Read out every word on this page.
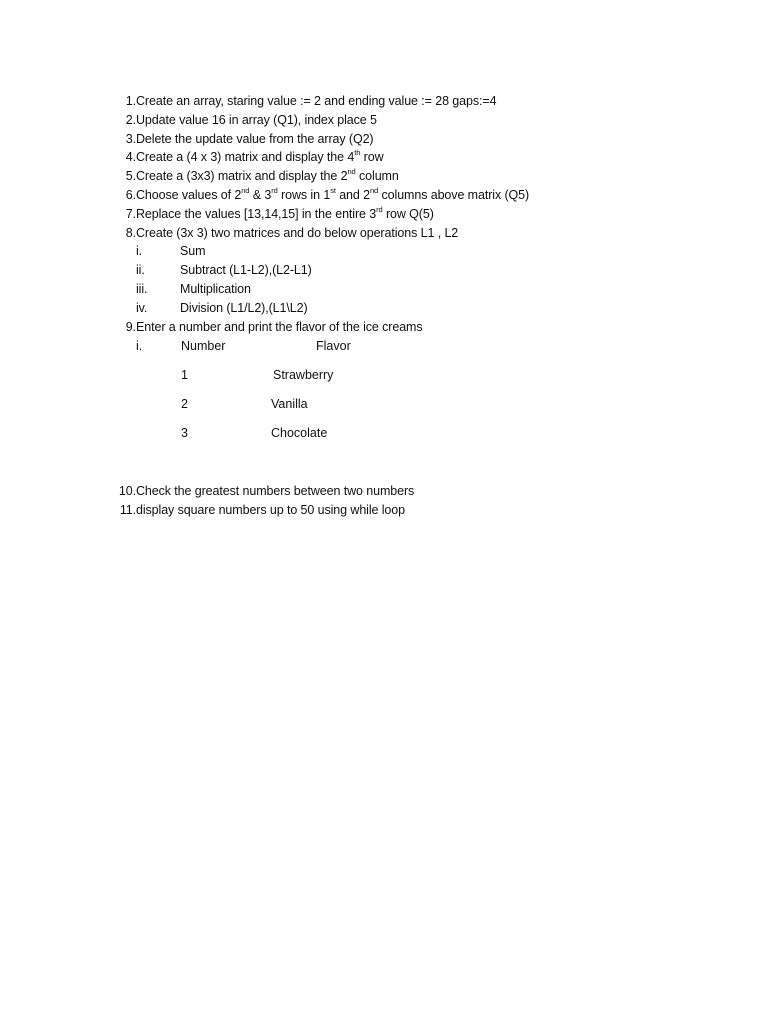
1. Create an array, staring value := 2 and ending value := 28 gaps:=4
2. Update value 16 in array (Q1), index place 5
3. Delete the update value from the array (Q2)
4. Create a (4 x 3) matrix and display the 4th row
5. Create a (3x3) matrix and display the 2nd column
6. Choose values of 2nd & 3rd rows in 1st and 2nd columns above matrix (Q5)
7. Replace the values [13,14,15] in the entire 3rd row Q(5)
8. Create (3x 3) two matrices and do below operations L1 , L2
i.	Sum
ii.	Subtract (L1-L2),(L2-L1)
iii.	Multiplication
iv.	Division (L1/L2),(L1\L2)
9. Enter a number and print the flavor of the ice creams
i.	Number	Flavor
1	Strawberry
2	Vanilla
3	Chocolate
10. Check the greatest numbers between two numbers
11. display square numbers up to 50 using while loop
